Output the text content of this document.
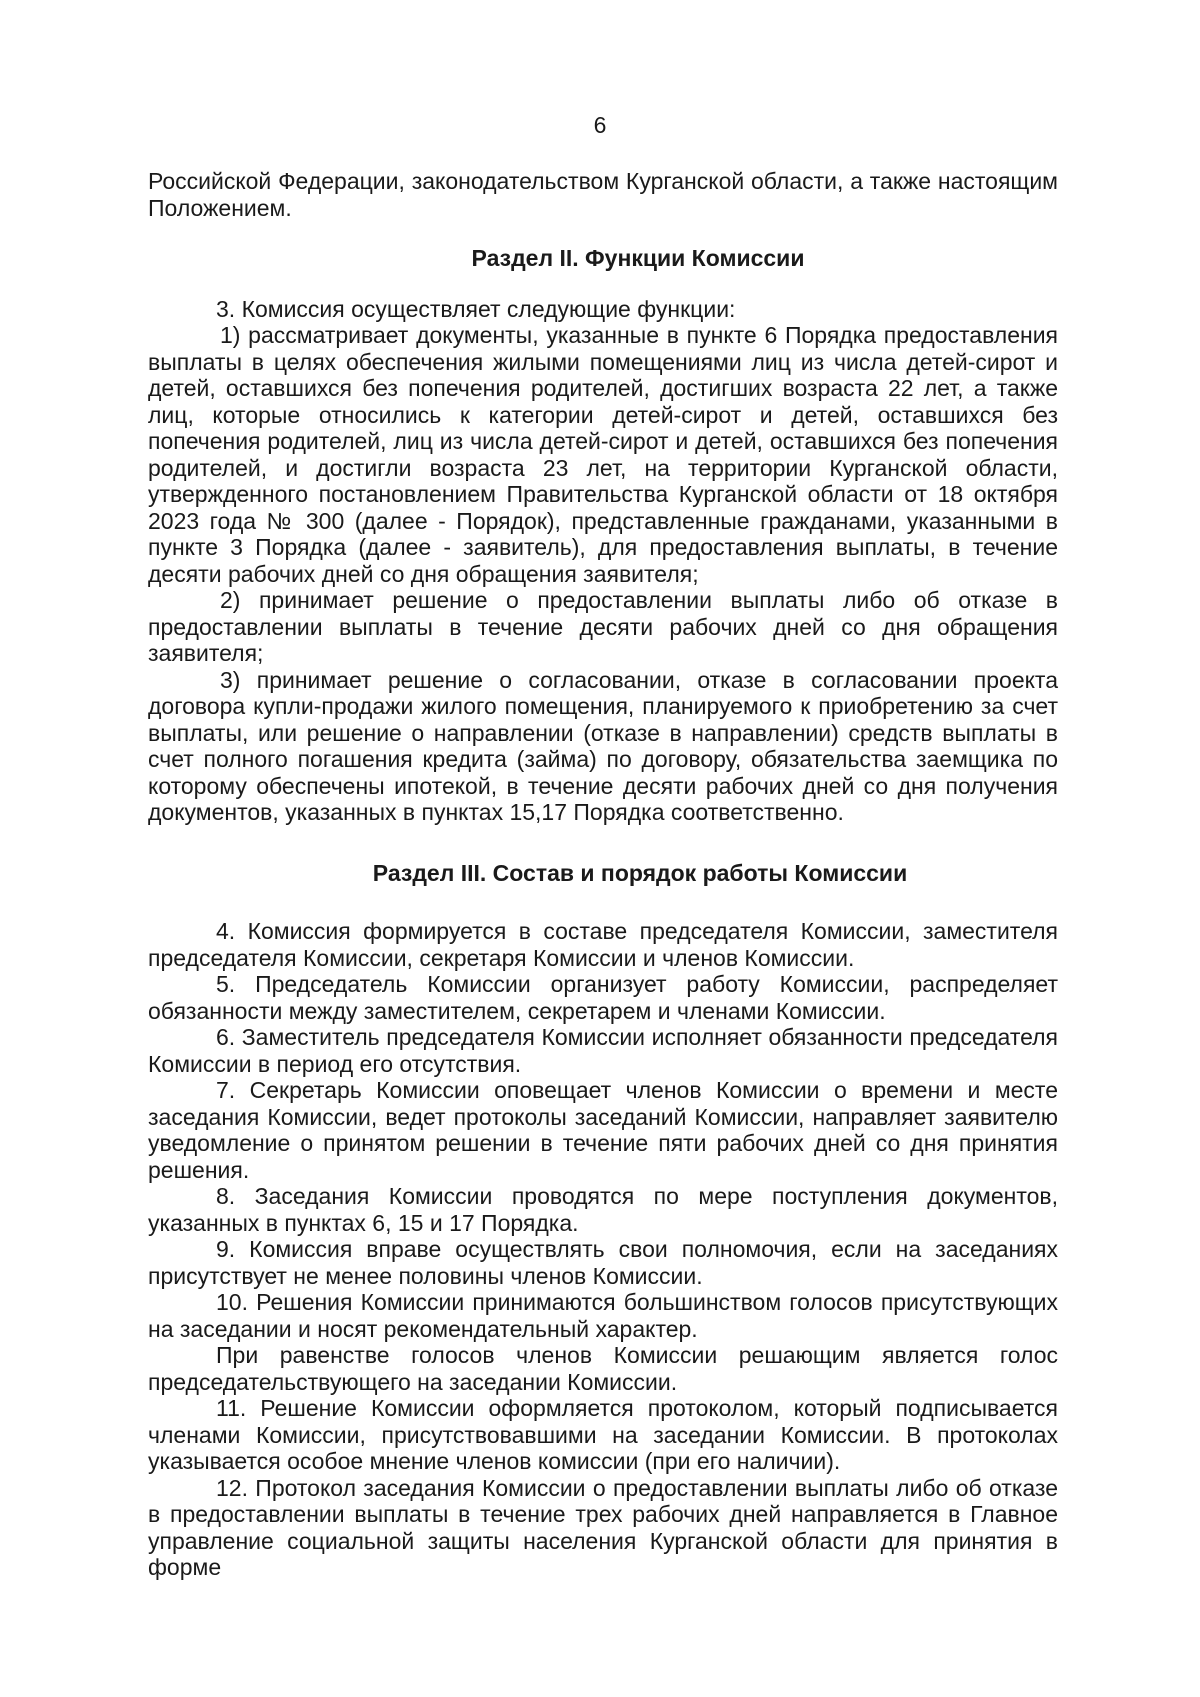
6

Российской Федерации, законодательством Курганской области, а также настоящим Положением.

Раздел II. Функции Комиссии

3. Комиссия осуществляет следующие функции:

1) рассматривает документы, указанные в пункте 6 Порядка предоставления выплаты в целях обеспечения жилыми помещениями лиц из числа детей-сирот и детей, оставшихся без попечения родителей, достигших возраста 22 лет, а также лиц, которые относились к категории детей-сирот и детей, оставшихся без попечения родителей, лиц из числа детей-сирот и детей, оставшихся без попечения родителей, и достигли возраста 23 лет, на территории Курганской области, утвержденного постановлением Правительства Курганской области от 18 октября 2023 года № 300 (далее - Порядок), представленные гражданами, указанными в пункте 3 Порядка (далее - заявитель), для предоставления выплаты, в течение десяти рабочих дней со дня обращения заявителя;

2) принимает решение о предоставлении выплаты либо об отказе в предоставлении выплаты в течение десяти рабочих дней со дня обращения заявителя;

3) принимает решение о согласовании, отказе в согласовании проекта договора купли-продажи жилого помещения, планируемого к приобретению за счет выплаты, или решение о направлении (отказе в направлении) средств выплаты в счет полного погашения кредита (займа) по договору, обязательства заемщика по которому обеспечены ипотекой, в течение десяти рабочих дней со дня получения документов, указанных в пунктах 15,17 Порядка соответственно.

Раздел III. Состав и порядок работы Комиссии

4. Комиссия формируется в составе председателя Комиссии, заместителя председателя Комиссии, секретаря Комиссии и членов Комиссии.

5. Председатель Комиссии организует работу Комиссии, распределяет обязанности между заместителем, секретарем и членами Комиссии.

6. Заместитель председателя Комиссии исполняет обязанности председателя Комиссии в период его отсутствия.

7. Секретарь Комиссии оповещает членов Комиссии о времени и месте заседания Комиссии, ведет протоколы заседаний Комиссии, направляет заявителю уведомление о принятом решении в течение пяти рабочих дней со дня принятия решения.

8. Заседания Комиссии проводятся по мере поступления документов, указанных в пунктах 6, 15 и 17 Порядка.

9. Комиссия вправе осуществлять свои полномочия, если на заседаниях присутствует не менее половины членов Комиссии.

10. Решения Комиссии принимаются большинством голосов присутствующих на заседании и носят рекомендательный характер.

При равенстве голосов членов Комиссии решающим является голос председательствующего на заседании Комиссии.

11. Решение Комиссии оформляется протоколом, который подписывается членами Комиссии, присутствовавшими на заседании Комиссии. В протоколах указывается особое мнение членов комиссии (при его наличии).

12. Протокол заседания Комиссии о предоставлении выплаты либо об отказе в предоставлении выплаты в течение трех рабочих дней направляется в Главное управление социальной защиты населения Курганской области для принятия в форме
